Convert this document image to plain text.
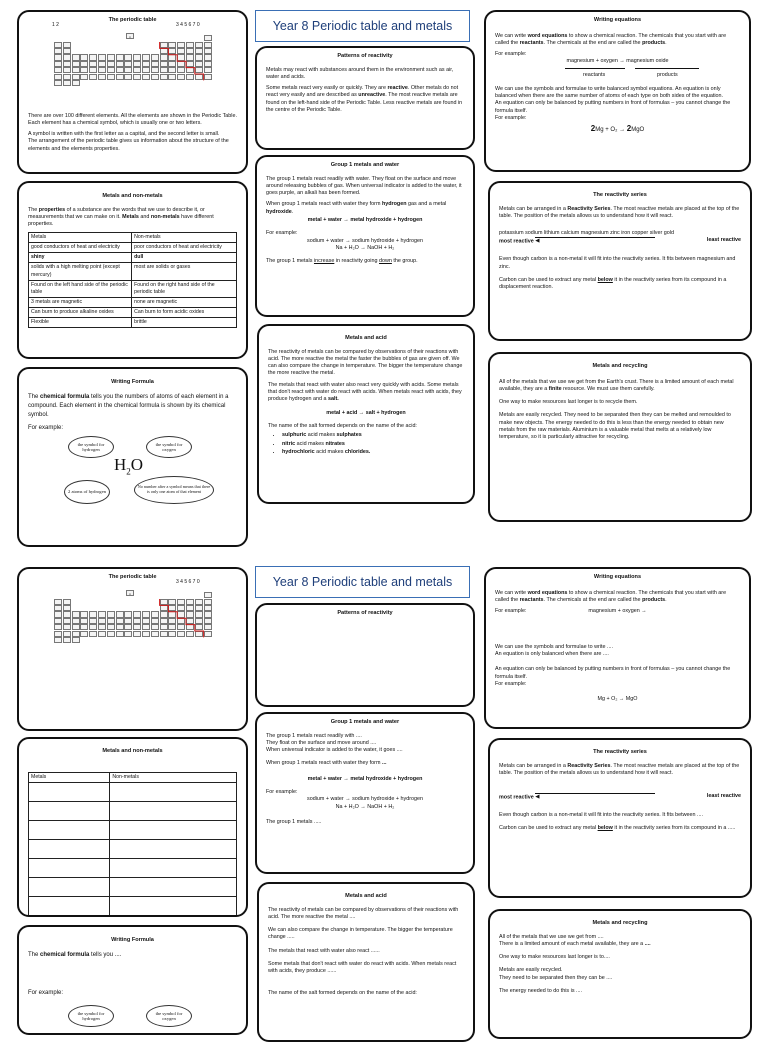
The periodic table
1 2	3 4 5 6 7 0
H

There are over 100 different elements. All the elements are shown in the Periodic Table. Each element has a chemical symbol, which is usually one or two letters.

A symbol is written with the first letter as a capital, and the second letter is small.

The arrangement of the periodic table gives us information about the structure of the elements and the elements properties.

Metals and non-metals

The properties of a substance are the words that we use to describe it, or measurements that we can make on it. Metals and non-metals have different properties.

Metals	Non-metals
good conductors of heat and electricity	poor conductors of heat and electricity
shiny	dull
solids with a high melting point (except mercury)	most are solids or gases
Found on the left hand side of the periodic table	Found on the right hand side of the periodic table
3 metals are magnetic	none are magnetic
Can burn to produce alkaline oxides	Can burn to form acidic oxides
Flexible	brittle
Writing Formula

The chemical formula tells you the numbers of atoms of each element in a compound. Each element in the chemical formula is shown by its chemical symbol.

For example:

the symbol for hydrogen
the symbol for oxygen
$H_2O$
2 atoms of hydrogen
No number after a symbol means that there is only one atom of that element
Year 8 Periodic table and metals
Patterns of reactivity

Metals may react with substances around them in the environment such as air, water and acids.

Some metals react very easily or quickly. They are reactive. Other metals do not react very easily and are described as unreactive. The most reactive metals are found on the left-hand side of the Periodic Table. Less reactive metals are found in the centre of the Periodic Table.

Group 1 metals and water

The group 1 metals react readily with water. They float on the surface and move around releasing bubbles of gas. When universal indicator is added to the water, it goes purple, an alkali has been formed.

When group 1 metals react with water they form hydrogen gas and a metal hydroxide.

metal + water → metal hydroxide + hydrogen

For example:

sodium + water → sodium hydroxide + hydrogen

Na + H₂O → NaOH + H₂

The group 1 metals increase in reactivity going down the group.

Metals and acid

The reactivity of metals can be compared by observations of their reactions with acid. The more reactive the metal the faster the bubbles of gas are given off. We can also compare the change in temperature. The bigger the temperature change the more reactive the metal.

The metals that react with water also react very quickly with acids. Some metals that don't react with water do react with acids. When metals react with acids, they produce hydrogen and a salt.

metal + acid → salt + hydrogen

The name of the salt formed depends on the name of the acid:

• sulphuric acid makes sulphates
• nitric acid makes nitrates
• hydrochloric acid makes chlorides.
Writing equations

We can write word equations to show a chemical reaction. The chemicals that you start with are called the reactants. The chemicals at the end are called the products.

For example:

magnesium + oxygen → magnesium oxide

reactants	products

We can use the symbols and formulae to write balanced symbol equations. An equation is only balanced when there are the same number of atoms of each type on both sides of the equation.

An equation can only be balanced by putting numbers in front of formulas – you cannot change the formula itself.

For example:

2Mg + O₂ → 2MgO

The reactivity series

Metals can be arranged in a Reactivity Series. The most reactive metals are placed at the top of the table. The position of the metals allows us to understand how it will react.

potassium sodium lithium calcium magnesium zinc iron copper silver gold

most reactive ◀	least reactive

Even though carbon is a non-metal it will fit into the reactivity series. It fits between magnesium and zinc.

Carbon can be used to extract any metal below it in the reactivity series from its compound in a displacement reaction.

Metals and recycling

All of the metals that we use we get from the Earth's crust. There is a limited amount of each metal available, they are a finite resource. We must use them carefully.

One way to make resources last longer is to recycle them.

Metals are easily recycled. They need to be separated then they can be melted and remoulded to make new objects. The energy needed to do this is less than the energy needed to obtain new metals from the raw materials. Aluminium is a valuable metal that melts at a relatively low temperature, so it is particularly attractive for recycling.

The periodic table
3 4 5 6 7 0
H
Metals and non-metals
Metals	Non-metals

Writing Formula

The chemical formula tells you ....

For example:

the symbol for hydrogen
the symbol for oxygen
Year 8 Periodic table and metals
Patterns of reactivity
Group 1 metals and water

The group 1 metals react readily with ....

They float on the surface and move around ....

When universal indicator is added to the water, it goes ....

When group 1 metals react with water they form ...

metal + water → metal hydroxide + hydrogen

For example:

sodium + water → sodium hydroxide + hydrogen

Na + H₂O → NaOH + H₂

The group 1 metals .....

Metals and acid

The reactivity of metals can be compared by observations of their reactions with acid. The more reactive the metal ....

We can also compare the change in temperature. The bigger the temperature change .....

The metals that react with water also react ......

Some metals that don't react with water do react with acids. When metals react with acids, they produce ......

The name of the salt formed depends on the name of the acid:

Writing equations

We can write word equations to show a chemical reaction. The chemicals that you start with are called the reactants. The chemicals at the end are called the products.

For example:	magnesium + oxygen →

We can use the symbols and formulae to write ....

An equation is only balanced when there are ....

An equation can only be balanced by putting numbers in front of formulas – you cannot change the formula itself.

For example:

Mg + O₂ → MgO

The reactivity series

Metals can be arranged in a Reactivity Series. The most reactive metals are placed at the top of the table. The position of the metals allows us to understand how it will react.

most reactive ◀	least reactive

Even though carbon is a non-metal it will fit into the reactivity series. It fits between ....

Carbon can be used to extract any metal below it in the reactivity series from its compound in a .....

Metals and recycling

All of the metals that we use we get from ....

There is a limited amount of each metal available, they are a ....

One way to make resources last longer is to....

Metals are easily recycled.

They need to be separated then they can be ....

The energy needed to do this is ....
